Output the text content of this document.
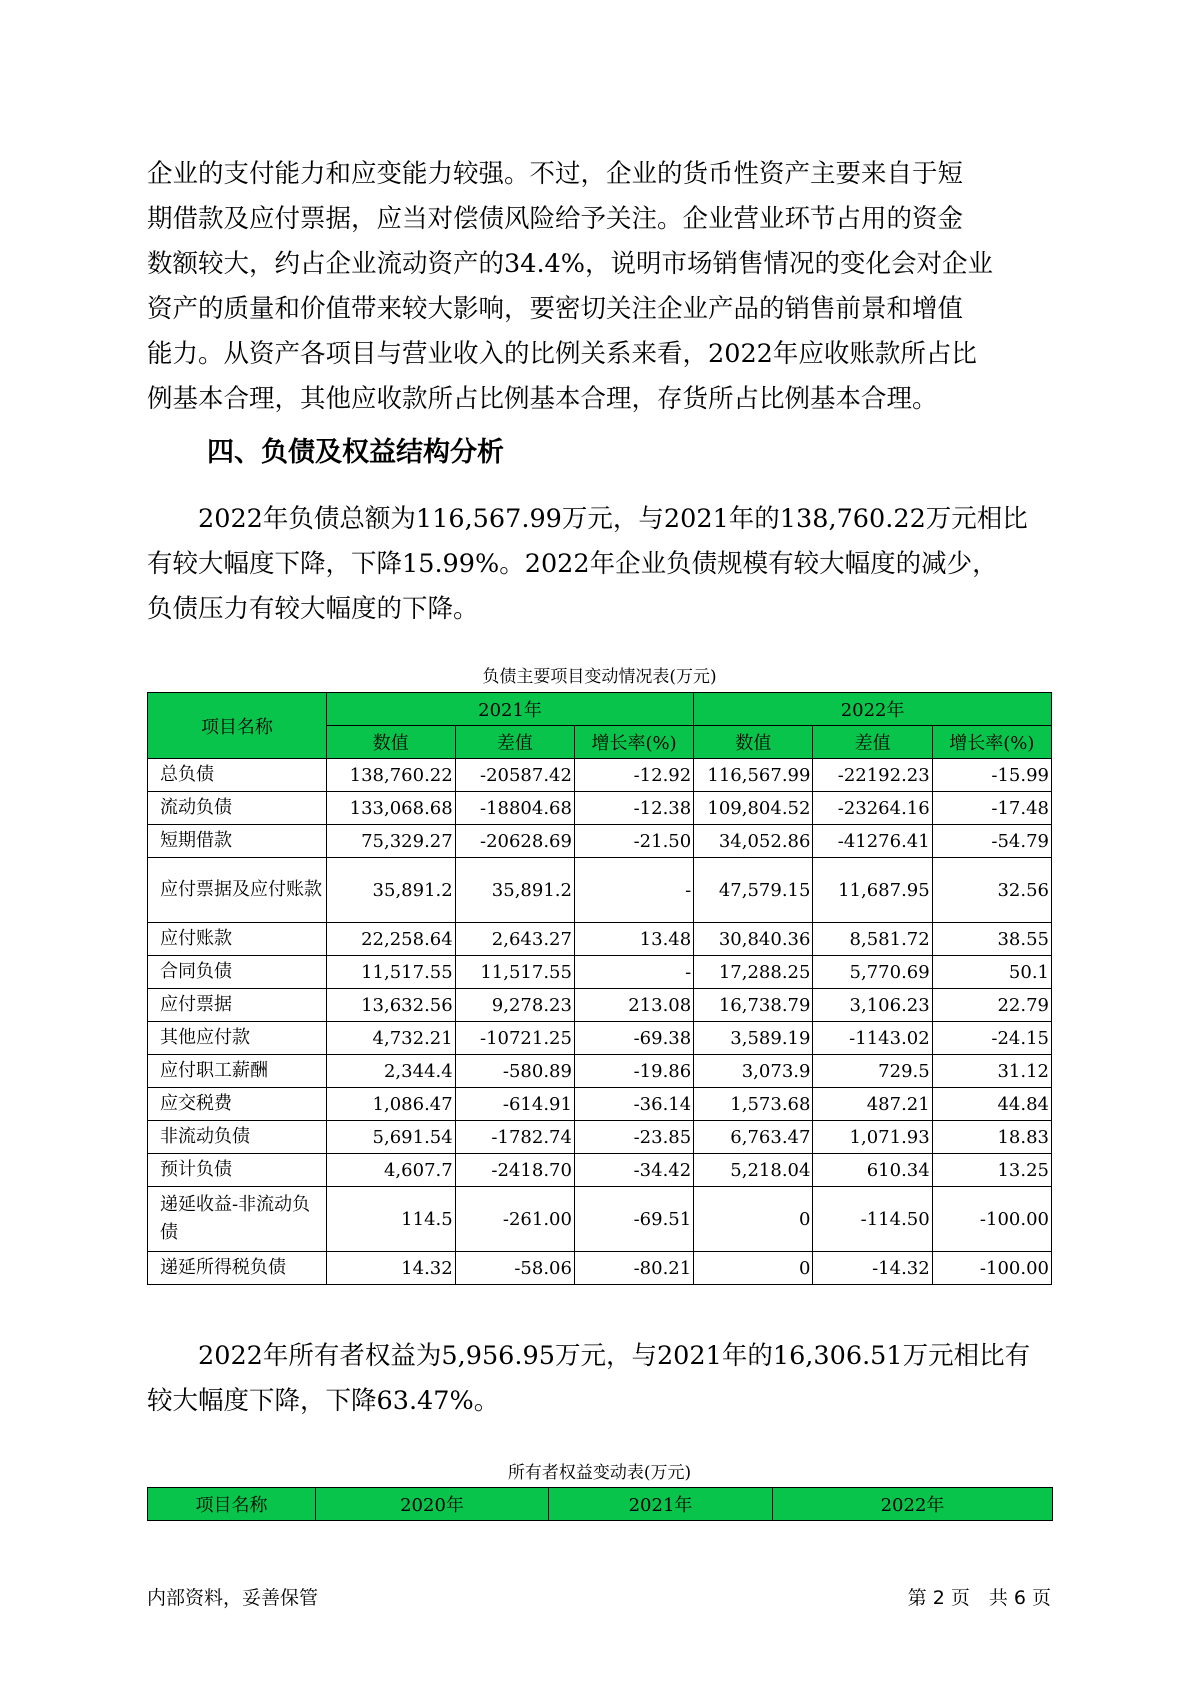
企业的支付能力和应变能力较强。不过，企业的货币性资产主要来自于短
期借款及应付票据，应当对偿债风险给予关注。企业营业环节占用的资金
数额较大，约占企业流动资产的34.4%，说明市场销售情况的变化会对企业
资产的质量和价值带来较大影响，要密切关注企业产品的销售前景和增值
能力。从资产各项目与营业收入的比例关系来看，2022年应收账款所占比
例基本合理，其他应收款所占比例基本合理，存货所占比例基本合理。
四、负债及权益结构分析
　　2022年负债总额为116,567.99万元，与2021年的138,760.22万元相比
有较大幅度下降，下降15.99%。2022年企业负债规模有较大幅度的减少，
负债压力有较大幅度的下降。
负债主要项目变动情况表(万元)
项目名称	2021年			2022年		
	数值	差值	增长率(%)	数值	差值	增长率(%)
总负债	138,760.22	-20587.42	-12.92	116,567.99	-22192.23	-15.99
流动负债	133,068.68	-18804.68	-12.38	109,804.52	-23264.16	-17.48
短期借款	75,329.27	-20628.69	-21.50	34,052.86	-41276.41	-54.79
应付票据及应付账款	35,891.2	35,891.2	-	47,579.15	11,687.95	32.56
应付账款	22,258.64	2,643.27	13.48	30,840.36	8,581.72	38.55
合同负债	11,517.55	11,517.55	-	17,288.25	5,770.69	50.1
应付票据	13,632.56	9,278.23	213.08	16,738.79	3,106.23	22.79
其他应付款	4,732.21	-10721.25	-69.38	3,589.19	-1143.02	-24.15
应付职工薪酬	2,344.4	-580.89	-19.86	3,073.9	729.5	31.12
应交税费	1,086.47	-614.91	-36.14	1,573.68	487.21	44.84
非流动负债	5,691.54	-1782.74	-23.85	6,763.47	1,071.93	18.83
预计负债	4,607.7	-2418.70	-34.42	5,218.04	610.34	13.25
递延收益-非流动负债	114.5	-261.00	-69.51	0	-114.50	-100.00
递延所得税负债	14.32	-58.06	-80.21	0	-14.32	-100.00
　　2022年所有者权益为5,956.95万元，与2021年的16,306.51万元相比有
较大幅度下降，下降63.47%。
所有者权益变动表(万元)
项目名称	2020年	2021年	2022年
内部资料，妥善保管	第 2 页　共 6 页
